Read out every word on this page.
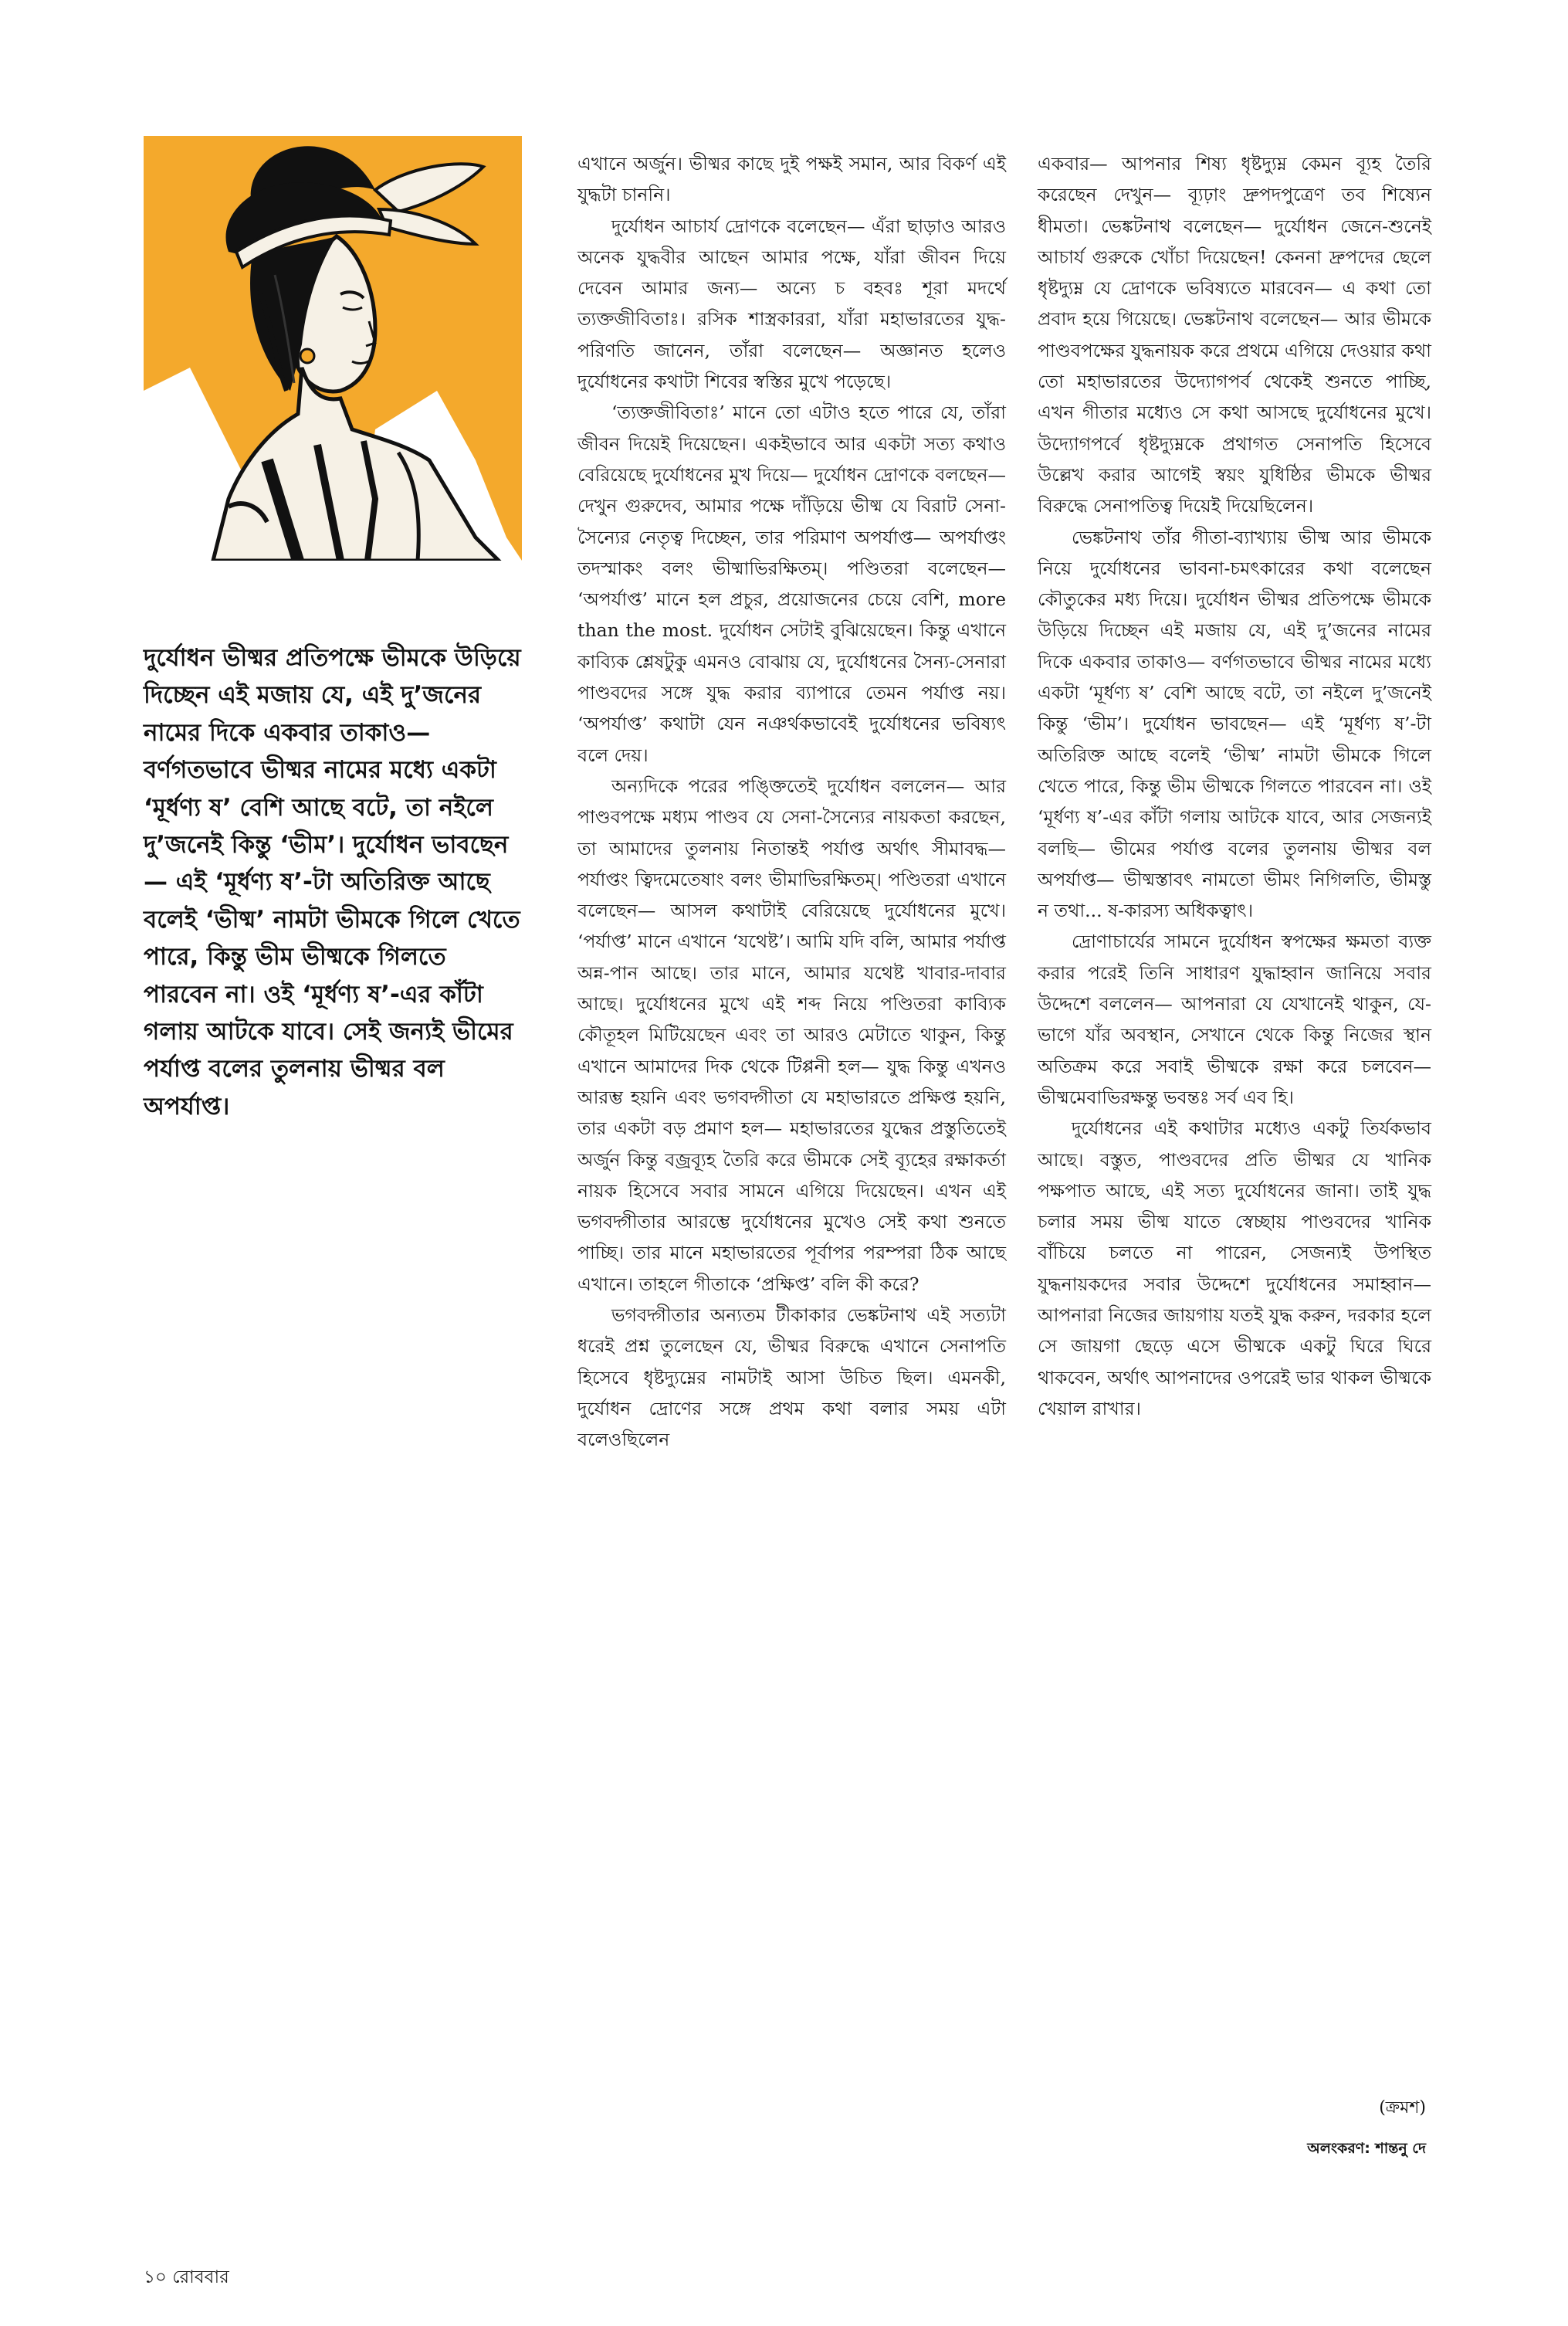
দুর্যোধন ভীষ্মর প্রতিপক্ষে ভীমকে উড়িয়ে দিচ্ছেন এই মজায় যে, এই দু’জনের নামের দিকে একবার তাকাও— বর্ণগতভাবে ভীষ্মর নামের মধ্যে একটা ‘মূর্ধণ্য ষ’ বেশি আছে বটে, তা নইলে দু’জনেই কিন্তু ‘ভীম’। দুর্যোধন ভাবছেন— এই ‘মূর্ধণ্য ষ’-টা অতিরিক্ত আছে বলেই ‘ভীষ্ম’ নামটা ভীমকে গিলে খেতে পারে, কিন্তু ভীম ভীষ্মকে গিলতে পারবেন না। ওই ‘মূর্ধণ্য ষ’-এর কাঁটা গলায় আটকে যাবে। সেই জন্যই ভীমের পর্যাপ্ত বলের তুলনায় ভীষ্মর বল অপর্যাপ্ত।

এখানে অর্জুন। ভীষ্মর কাছে দুই পক্ষই সমান, আর বিকর্ণ এই যুদ্ধটা চাননি।

দুর্যোধন আচার্য দ্রোণকে বলেছেন— এঁরা ছাড়াও আরও অনেক যুদ্ধবীর আছেন আমার পক্ষে, যাঁরা জীবন দিয়ে দেবেন আমার জন্য— অন্যে চ বহবঃ শূরা মদর্থে ত্যক্তজীবিতাঃ। রসিক শাস্ত্রকাররা, যাঁরা মহাভারতের যুদ্ধ-পরিণতি জানেন, তাঁরা বলেছেন— অজ্ঞানত হলেও দুর্যোধনের কথাটা শিবের স্বস্তির মুখে পড়েছে।

‘ত্যক্তজীবিতাঃ’ মানে তো এটাও হতে পারে যে, তাঁরা জীবন দিয়েই দিয়েছেন। একইভাবে আর একটা সত্য কথাও বেরিয়েছে দুর্যোধনের মুখ দিয়ে— দুর্যোধন দ্রোণকে বলছেন— দেখুন গুরুদেব, আমার পক্ষে দাঁড়িয়ে ভীষ্ম যে বিরাট সেনা-সৈন্যের নেতৃত্ব দিচ্ছেন, তার পরিমাণ অপর্যাপ্ত— অপর্যাপ্তং তদস্মাকং বলং ভীষ্মাভিরক্ষিতম্। পণ্ডিতরা বলেছেন— ‘অপর্যাপ্ত’ মানে হল প্রচুর, প্রয়োজনের চেয়ে বেশি, more than the most. দুর্যোধন সেটাই বুঝিয়েছেন। কিন্তু এখানে কাব্যিক শ্লেষটুকু এমনও বোঝায় যে, দুর্যোধনের সৈন্য-সেনারা পাণ্ডবদের সঙ্গে যুদ্ধ করার ব্যাপারে তেমন পর্যাপ্ত নয়। ‘অপর্যাপ্ত’ কথাটা যেন নঞর্থকভাবেই দুর্যোধনের ভবিষ্যৎ বলে দেয়।

অন্যদিকে পরের পঙ্ক্তিতেই দুর্যোধন বললেন— আর পাণ্ডবপক্ষে মধ্যম পাণ্ডব যে সেনা-সৈন্যের নায়কতা করছেন, তা আমাদের তুলনায় নিতান্তই পর্যাপ্ত অর্থাৎ সীমাবদ্ধ— পর্যাপ্তং ত্বিদমেতেষাং বলং ভীমাভিরক্ষিতম্। পণ্ডিতরা এখানে বলেছেন— আসল কথাটাই বেরিয়েছে দুর্যোধনের মুখে। ‘পর্যাপ্ত’ মানে এখানে ‘যথেষ্ট’। আমি যদি বলি, আমার পর্যাপ্ত অন্ন-পান আছে। তার মানে, আমার যথেষ্ট খাবার-দাবার আছে। দুর্যোধনের মুখে এই শব্দ নিয়ে পণ্ডিতরা কাব্যিক কৌতূহল মিটিয়েছেন এবং তা আরও মেটাতে থাকুন, কিন্তু এখানে আমাদের দিক থেকে টিপ্পনী হল— যুদ্ধ কিন্তু এখনও আরম্ভ হয়নি এবং ভগবদ্গীতা যে মহাভারতে প্রক্ষিপ্ত হয়নি, তার একটা বড় প্রমাণ হল— মহাভারতের যুদ্ধের প্রস্তুতিতেই অর্জুন কিন্তু বজ্রব্যূহ তৈরি করে ভীমকে সেই ব্যূহের রক্ষাকর্তা নায়ক হিসেবে সবার সামনে এগিয়ে দিয়েছেন। এখন এই ভগবদ্গীতার আরম্ভে দুর্যোধনের মুখেও সেই কথা শুনতে পাচ্ছি। তার মানে মহাভারতের পূর্বাপর পরম্পরা ঠিক আছে এখানে। তাহলে গীতাকে ‘প্রক্ষিপ্ত’ বলি কী করে?

ভগবদ্গীতার অন্যতম টীকাকার ভেঙ্কটনাথ এই সত্যটা ধরেই প্রশ্ন তুলেছেন যে, ভীষ্মর বিরুদ্ধে এখানে সেনাপতি হিসেবে ধৃষ্টদ্যুম্নের নামটাই আসা উচিত ছিল। এমনকী, দুর্যোধন দ্রোণের সঙ্গে প্রথম কথা বলার সময় এটা বলেওছিলেন

একবার— আপনার শিষ্য ধৃষ্টদ্যুম্ন কেমন ব্যূহ তৈরি করেছেন দেখুন— ব্যূঢ়াং দ্রুপদপুত্রেণ তব শিষ্যেন ধীমতা। ভেঙ্কটনাথ বলেছেন— দুর্যোধন জেনে-শুনেই আচার্য গুরুকে খোঁচা দিয়েছেন! কেননা দ্রুপদের ছেলে ধৃষ্টদ্যুম্ন যে দ্রোণকে ভবিষ্যতে মারবেন— এ কথা তো প্রবাদ হয়ে গিয়েছে। ভেঙ্কটনাথ বলেছেন— আর ভীমকে পাণ্ডবপক্ষের যুদ্ধনায়ক করে প্রথমে এগিয়ে দেওয়ার কথা তো মহাভারতের উদ্যোগপর্ব থেকেই শুনতে পাচ্ছি, এখন গীতার মধ্যেও সে কথা আসছে দুর্যোধনের মুখে। উদ্যোগপর্বে ধৃষ্টদ্যুম্নকে প্রথাগত সেনাপতি হিসেবে উল্লেখ করার আগেই স্বয়ং যুধিষ্ঠির ভীমকে ভীষ্মর বিরুদ্ধে সেনাপতিত্ব দিয়েই দিয়েছিলেন।

ভেঙ্কটনাথ তাঁর গীতা-ব্যাখ্যায় ভীষ্ম আর ভীমকে নিয়ে দুর্যোধনের ভাবনা-চমৎকারের কথা বলেছেন কৌতুকের মধ্য দিয়ে। দুর্যোধন ভীষ্মর প্রতিপক্ষে ভীমকে উড়িয়ে দিচ্ছেন এই মজায় যে, এই দু’জনের নামের দিকে একবার তাকাও— বর্ণগতভাবে ভীষ্মর নামের মধ্যে একটা ‘মূর্ধণ্য ষ’ বেশি আছে বটে, তা নইলে দু’জনেই কিন্তু ‘ভীম’। দুর্যোধন ভাবছেন— এই ‘মূর্ধণ্য ষ’-টা অতিরিক্ত আছে বলেই ‘ভীষ্ম’ নামটা ভীমকে গিলে খেতে পারে, কিন্তু ভীম ভীষ্মকে গিলতে পারবেন না। ওই ‘মূর্ধণ্য ষ’-এর কাঁটা গলায় আটকে যাবে, আর সেজন্যই বলছি— ভীমের পর্যাপ্ত বলের তুলনায় ভীষ্মর বল অপর্যাপ্ত— ভীষ্মস্তাবৎ নামতো ভীমং নিগিলতি, ভীমস্তু ন তথা... ষ-কারস্য অধিকত্বাৎ।

দ্রোণাচার্যের সামনে দুর্যোধন স্বপক্ষের ক্ষমতা ব্যক্ত করার পরেই তিনি সাধারণ যুদ্ধাহ্বান জানিয়ে সবার উদ্দেশে বললেন— আপনারা যে যেখানেই থাকুন, যে-ভাগে যাঁর অবস্থান, সেখানে থেকে কিন্তু নিজের স্থান অতিক্রম করে সবাই ভীষ্মকে রক্ষা করে চলবেন— ভীষ্মমেবাভিরক্ষন্তু ভবন্তঃ সর্ব এব হি।

দুর্যোধনের এই কথাটার মধ্যেও একটু তির্যকভাব আছে। বস্তুত, পাণ্ডবদের প্রতি ভীষ্মর যে খানিক পক্ষপাত আছে, এই সত্য দুর্যোধনের জানা। তাই যুদ্ধ চলার সময় ভীষ্ম যাতে স্বেচ্ছায় পাণ্ডবদের খানিক বাঁচিয়ে চলতে না পারেন, সেজন্যই উপস্থিত যুদ্ধনায়কদের সবার উদ্দেশে দুর্যোধনের সমাহ্বান— আপনারা নিজের জায়গায় যতই যুদ্ধ করুন, দরকার হলে সে জায়গা ছেড়ে এসে ভীষ্মকে একটু ঘিরে ঘিরে থাকবেন, অর্থাৎ আপনাদের ওপরেই ভার থাকল ভীষ্মকে খেয়াল রাখার।

(ক্রমশ)
অলংকরণ: শান্তনু দে
১০ রোববার
